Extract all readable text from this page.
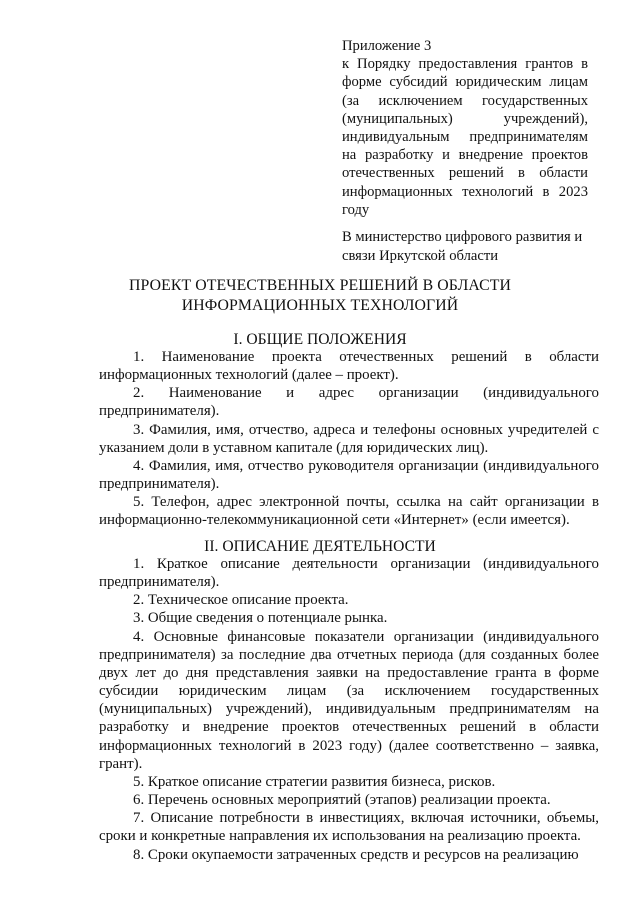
Приложение 3
к Порядку предоставления грантов в форме субсидий юридическим лицам (за исключением государственных (муниципальных) учреждений), индивидуальным предпринимателям на разработку и внедрение проектов отечественных решений в области информационных технологий в 2023 году
В министерство цифрового развития и связи Иркутской области
ПРОЕКТ ОТЕЧЕСТВЕННЫХ РЕШЕНИЙ В ОБЛАСТИ ИНФОРМАЦИОННЫХ ТЕХНОЛОГИЙ
I. ОБЩИЕ ПОЛОЖЕНИЯ

1. Наименование проекта отечественных решений в области информационных технологий (далее – проект).

2. Наименование и адрес организации (индивидуального предпринимателя).

3. Фамилия, имя, отчество, адреса и телефоны основных учредителей с указанием доли в уставном капитале (для юридических лиц).

4. Фамилия, имя, отчество руководителя организации (индивидуального предпринимателя).

5. Телефон, адрес электронной почты, ссылка на сайт организации в информационно-телекоммуникационной сети «Интернет» (если имеется).

II. ОПИСАНИЕ ДЕЯТЕЛЬНОСТИ

1. Краткое описание деятельности организации (индивидуального предпринимателя).

2. Техническое описание проекта.

3. Общие сведения о потенциале рынка.

4. Основные финансовые показатели организации (индивидуального предпринимателя) за последние два отчетных периода (для созданных более двух лет до дня представления заявки на предоставление гранта в форме субсидии юридическим лицам (за исключением государственных (муниципальных) учреждений), индивидуальным предпринимателям на разработку и внедрение проектов отечественных решений в области информационных технологий в 2023 году) (далее соответственно – заявка, грант).

5. Краткое описание стратегии развития бизнеса, рисков.

6. Перечень основных мероприятий (этапов) реализации проекта.

7. Описание потребности в инвестициях, включая источники, объемы, сроки и конкретные направления их использования на реализацию проекта.

8. Сроки окупаемости затраченных средств и ресурсов на реализацию
